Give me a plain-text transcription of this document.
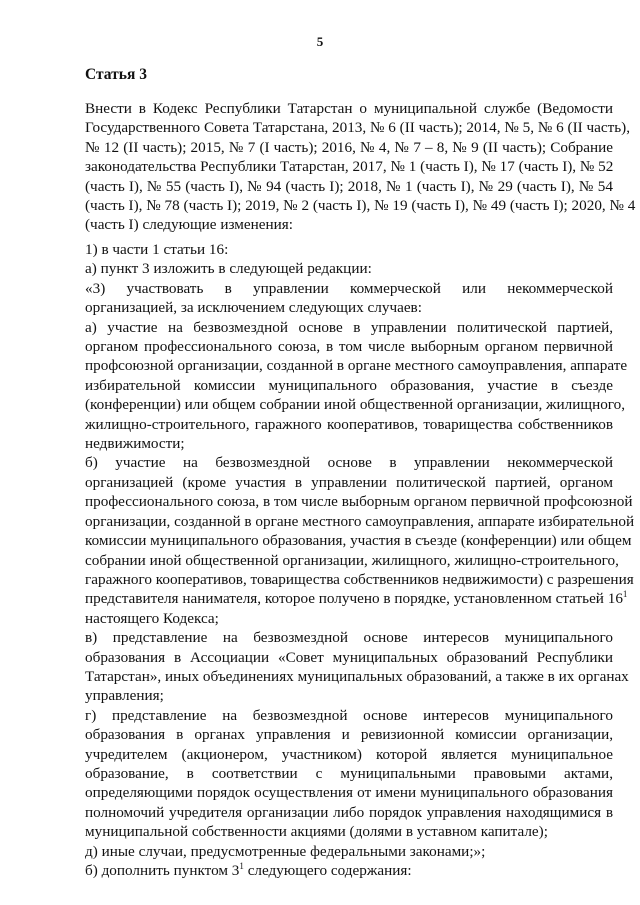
5
Статья 3
Внести в Кодекс Республики Татарстан о муниципальной службе (Ведомости
Государственного Совета Татарстана, 2013, № 6 (II часть); 2014, № 5, № 6 (II часть),
№ 12 (II часть); 2015, № 7 (I часть); 2016, № 4, № 7 – 8, № 9 (II часть); Собрание
законодательства Республики Татарстан, 2017, № 1 (часть I), № 17 (часть I), № 52
(часть I), № 55 (часть I), № 94 (часть I); 2018, № 1 (часть I), № 29 (часть I), № 54
(часть I), № 78 (часть I); 2019, № 2 (часть I), № 19 (часть I), № 49 (часть I); 2020, № 4
(часть I) следующие изменения:
1) в части 1 статьи 16:
а) пункт 3 изложить в следующей редакции:
«3) участвовать в управлении коммерческой или некоммерческой
организацией, за исключением следующих случаев:
а) участие на безвозмездной основе в управлении политической партией,
органом профессионального союза, в том числе выборным органом первичной
профсоюзной организации, созданной в органе местного самоуправления, аппарате
избирательной комиссии муниципального образования, участие в съезде
(конференции) или общем собрании иной общественной организации, жилищного,
жилищно-строительного, гаражного кооперативов, товарищества собственников
недвижимости;
б) участие на безвозмездной основе в управлении некоммерческой
организацией (кроме участия в управлении политической партией, органом
профессионального союза, в том числе выборным органом первичной профсоюзной
организации, созданной в органе местного самоуправления, аппарате избирательной
комиссии муниципального образования, участия в съезде (конференции) или общем
собрании иной общественной организации, жилищного, жилищно-строительного,
гаражного кооперативов, товарищества собственников недвижимости) с разрешения
представителя нанимателя, которое получено в порядке, установленном статьей $16^1$
настоящего Кодекса;
в) представление на безвозмездной основе интересов муниципального
образования в Ассоциации «Совет муниципальных образований Республики
Татарстан», иных объединениях муниципальных образований, а также в их органах
управления;
г) представление на безвозмездной основе интересов муниципального
образования в органах управления и ревизионной комиссии организации,
учредителем (акционером, участником) которой является муниципальное
образование, в соответствии с муниципальными правовыми актами,
определяющими порядок осуществления от имени муниципального образования
полномочий учредителя организации либо порядок управления находящимися в
муниципальной собственности акциями (долями в уставном капитале);
д) иные случаи, предусмотренные федеральными законами;»;
б) дополнить пунктом $3^1$ следующего содержания:
